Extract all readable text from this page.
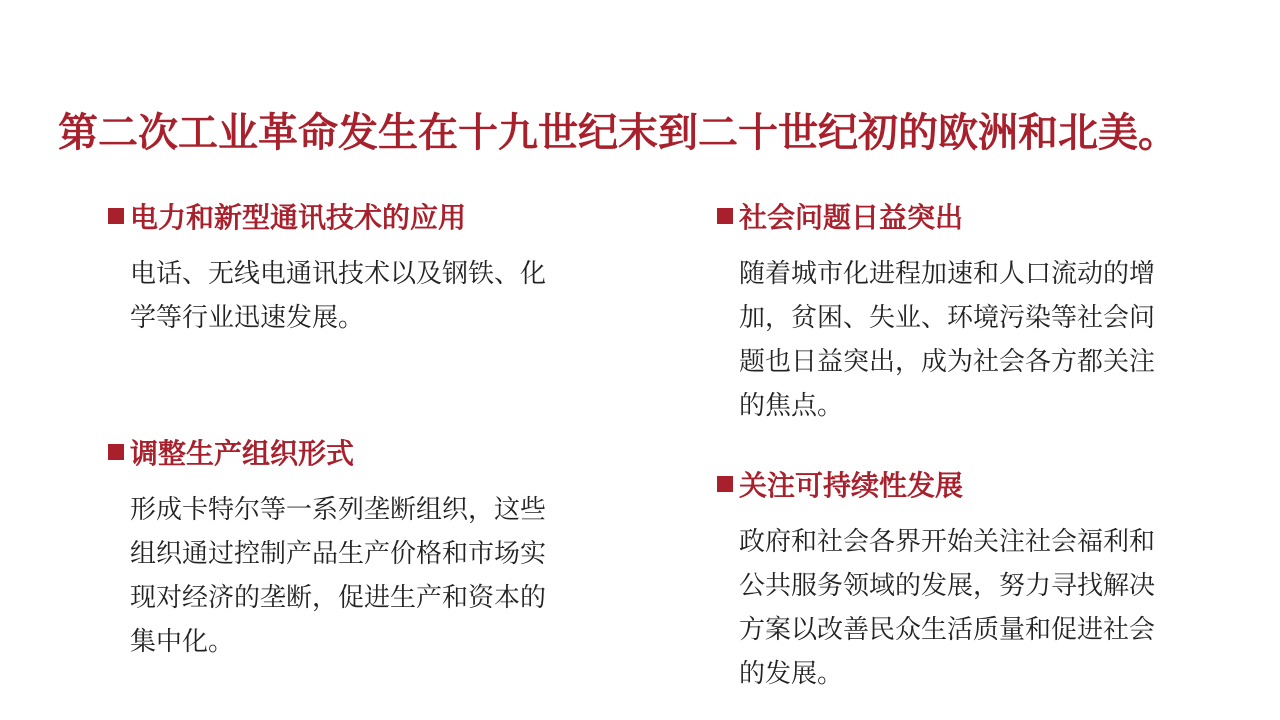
第二次工业革命发生在十九世纪末到二十世纪初的欧洲和北美。
电力和新型通讯技术的应用
电话、无线电通讯技术以及钢铁、化学等行业迅速发展。
调整生产组织形式
形成卡特尔等一系列垄断组织，这些组织通过控制产品生产价格和市场实现对经济的垄断，促进生产和资本的集中化。
社会问题日益突出
随着城市化进程加速和人口流动的增加，贫困、失业、环境污染等社会问题也日益突出，成为社会各方都关注的焦点。
关注可持续性发展
政府和社会各界开始关注社会福利和公共服务领域的发展，努力寻找解决方案以改善民众生活质量和促进社会的发展。
